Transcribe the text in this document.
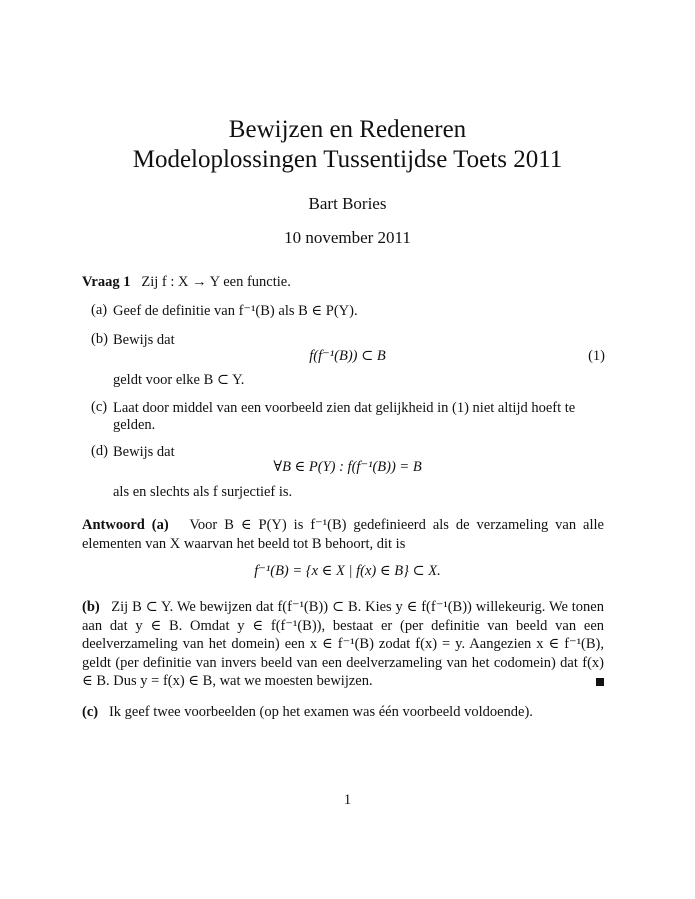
Bewijzen en Redeneren
Modeloplossingen Tussentijdse Toets 2011
Bart Bories
10 november 2011
Vraag 1 Zij f : X → Y een functie.
(a) Geef de definitie van f⁻¹(B) als B ∈ P(Y).
(b) Bewijs dat
f(f⁻¹(B)) ⊂ B	(1)
geldt voor elke B ⊂ Y.
(c) Laat door middel van een voorbeeld zien dat gelijkheid in (1) niet altijd hoeft te
gelden.
(d) Bewijs dat
∀B ∈ P(Y) : f(f⁻¹(B)) = B
als en slechts als f surjectief is.
Antwoord (a) Voor B ∈ P(Y) is f⁻¹(B) gedefinieerd als de verzameling van alle elementen van X waarvan het beeld tot B behoort, dit is
f⁻¹(B) = {x ∈ X | f(x) ∈ B} ⊂ X.
(b) Zij B ⊂ Y. We bewijzen dat f(f⁻¹(B)) ⊂ B. Kies y ∈ f(f⁻¹(B)) willekeurig. We tonen aan dat y ∈ B. Omdat y ∈ f(f⁻¹(B)), bestaat er (per definitie van beeld van een deelverzameling van het domein) een x ∈ f⁻¹(B) zodat f(x) = y. Aangezien x ∈ f⁻¹(B), geldt (per definitie van invers beeld van een deelverzameling van het codomein) dat f(x) ∈ B. Dus y = f(x) ∈ B, wat we moesten bewijzen.
(c) Ik geef twee voorbeelden (op het examen was één voorbeeld voldoende).
1
